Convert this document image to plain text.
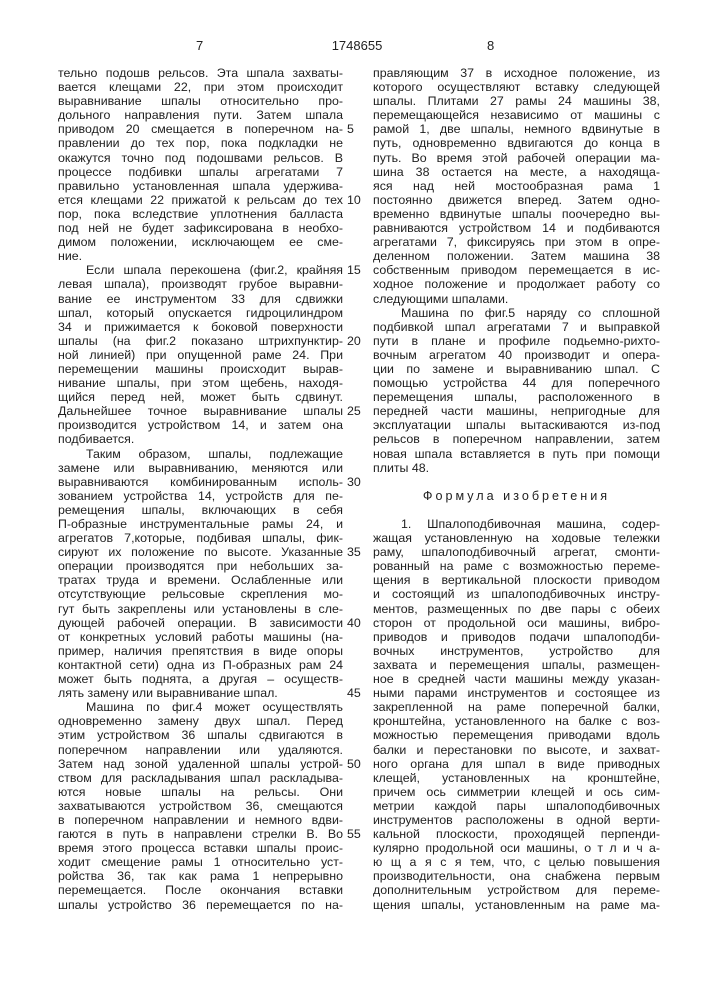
7	1748655	8
тельно подошв рельсов. Эта шпала захваты-
вается клещами 22, при этом происходит
выравнивание шпалы относительно про-
дольного направления пути. Затем шпала
приводом 20 смещается в поперечном на-
правлении до тех пор, пока подкладки не
окажутся точно под подошвами рельсов. В
процессе подбивки шпалы агрегатами 7
правильно установленная шпала удержива-
ется клещами 22 прижатой к рельсам до тех
пор, пока вследствие уплотнения балласта
под ней не будет зафиксирована в необхо-
димом положении, исключающем ее сме-
ние.
Если шпала перекошена (фиг.2, крайняя
левая шпала), производят грубое выравни-
вание ее инструментом 33 для сдвижки
шпал, который опускается гидроцилиндром
34 и прижимается к боковой поверхности
шпалы (на фиг.2 показано штрихпунктир-
ной линией) при опущенной раме 24. При
перемещении машины происходит вырав-
нивание шпалы, при этом щебень, находя-
щийся перед ней, может быть сдвинут.
Дальнейшее точное выравнивание шпалы
производится устройством 14, и затем она
подбивается.
Таким образом, шпалы, подлежащие
замене или выравниванию, меняются или
выравниваются комбинированным исполь-
зованием устройства 14, устройств для пе-
ремещения шпалы, включающих в себя
П-образные инструментальные рамы 24, и
агрегатов 7,которые, подбивая шпалы, фик-
сируют их положение по высоте. Указанные
операции производятся при небольших за-
тратах труда и времени. Ослабленные или
отсутствующие рельсовые скрепления мо-
гут быть закреплены или установлены в сле-
дующей рабочей операции. В зависимости
от конкретных условий работы машины (на-
пример, наличия препятствия в виде опоры
контактной сети) одна из П-образных рам 24
может быть поднята, а другая – осуществ-
лять замену или выравнивание шпал.
Машина по фиг.4 может осуществлять
одновременно замену двух шпал. Перед
этим устройством 36 шпалы сдвигаются в
поперечном направлении или удаляются.
Затем над зоной удаленной шпалы устрой-
ством для раскладывания шпал раскладыва-
ются новые шпалы на рельсы. Они
захватываются устройством 36, смещаются
в поперечном направлении и немного вдви-
гаются в путь в направлени стрелки В. Во
время этого процесса вставки шпалы проис-
ходит смещение рамы 1 относительно уст-
ройства 36, так как рама 1 непрерывно
перемещается. После окончания вставки
шпалы устройство 36 перемещается по на-
правляющим 37 в исходное положение, из
которого осуществляют вставку следующей
шпалы. Плитами 27 рамы 24 машины 38,
перемещающейся независимо от машины с
рамой 1, две шпалы, немного вдвинутые в
5
путь, одновременно вдвигаются до конца в
путь. Во время этой рабочей операции ма-
шина 38 остается на месте, а находяща-
яся над ней мостообразная рама 1
постоянно движется вперед. Затем одно-
10
временно вдвинутые шпалы поочередно вы-
равниваются устройством 14 и подбиваются
агрегатами 7, фиксируясь при этом в опре-
деленном положении. Затем машина 38
собственным приводом перемещается в ис-
15
ходное положение и продолжает работу со
следующими шпалами.
Машина по фиг.5 наряду со сплошной
подбивкой шпал агрегатами 7 и выправкой
пути в плане и профиле подьемно-рихто-
20
вочным агрегатом 40 производит и опера-
ции по замене и выравниванию шпал. С
помощью устройства 44 для поперечного
перемещения шпалы, расположенного в
передней части машины, непригодные для
25
эксплуатации шпалы вытаскиваются из-под
рельсов в поперечном направлении, затем
новая шпала вставляется в путь при помощи
плиты 48.
30
Формула изобретения
1. Шпалоподбивочная машина, содер-
жащая установленную на ходовые тележки
раму, шпалоподбивочный агрегат, смонти-
35
рованный на раме с возможностью переме-
щения в вертикальной плоскости приводом
и состоящий из шпалоподбивочных инстру-
ментов, размещенных по две пары с обеих
сторон от продольной оси машины, вибро-
40
приводов и приводов подачи шпалоподби-
вочных инструментов, устройство для
захвата и перемещения шпалы, размещен-
ное в средней части машины между указан-
ными парами инструментов и состоящее из
45
закрепленной на раме поперечной балки,
кронштейна, установленного на балке с воз-
можностью перемещения приводами вдоль
балки и перестановки по высоте, и захват-
ного органа для шпал в виде приводных
50
клещей, установленных на кронштейне,
причем ось симметрии клещей и ось сим-
метрии каждой пары шпалоподбивочных
инструментов расположены в одной верти-
кальной плоскости, проходящей перпенди-
55
кулярно продольной оси машины, о т л и ч а-
ю щ а я с я тем, что, с целью повышения
производительности, она снабжена первым
дополнительным устройством для переме-
щения шпалы, установленным на раме ма-
